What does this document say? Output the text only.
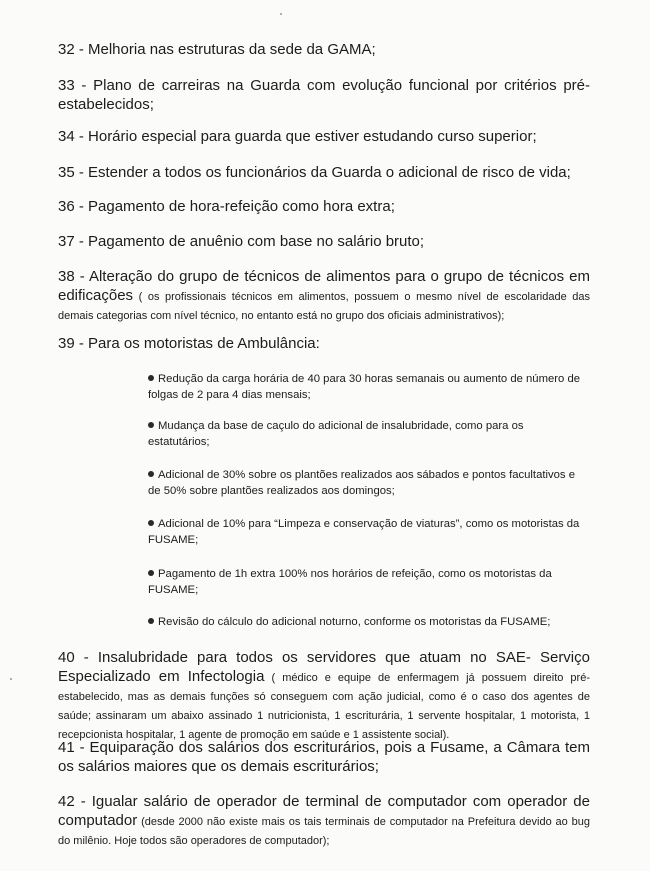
32 - Melhoria nas estruturas da sede da GAMA;

33 - Plano de carreiras na Guarda com evolução funcional por critérios pré-estabelecidos;

34 - Horário especial para guarda que estiver estudando curso superior;

35 - Estender a todos os funcionários da Guarda o adicional de risco de vida;

36 - Pagamento de hora-refeição como hora extra;

37 - Pagamento de anuênio com base no salário bruto;

38 - Alteração do grupo de técnicos de alimentos para o grupo de técnicos em edificações ( os profissionais técnicos em alimentos, possuem o mesmo nível de escolaridade das demais categorias com nível técnico, no entanto está no grupo dos oficiais administrativos);

39 - Para os motoristas de Ambulância:

Redução da carga horária de 40 para 30 horas semanais ou aumento de número de folgas de 2 para 4 dias mensais;

Mudança da base de caçulo do adicional de insalubridade, como para os estatutários;

Adicional de 30% sobre os plantões realizados aos sábados e pontos facultativos e de 50% sobre plantões realizados aos domingos;

Adicional de 10% para “Limpeza e conservação de viaturas”, como os motoristas da FUSAME;

Pagamento de 1h extra 100% nos horários de refeição, como os motoristas da FUSAME;

Revisão do cálculo do adicional noturno, conforme os motoristas da FUSAME;

40 - Insalubridade para todos os servidores que atuam no SAE- Serviço Especializado em Infectologia ( médico e equipe de enfermagem já possuem direito pré-estabelecido, mas as demais funções só conseguem com ação judicial, como é o caso dos agentes de saúde; assinaram um abaixo assinado 1 nutricionista, 1 escriturária, 1 servente hospitalar, 1 motorista, 1 recepcionista hospitalar, 1 agente de promoção em saúde e 1 assistente social).

41 - Equiparação dos salários dos escriturários, pois a Fusame, a Câmara tem os salários maiores que os demais escriturários;

42 - Igualar salário de operador de terminal de computador com operador de computador (desde 2000 não existe mais os tais terminais de computador na Prefeitura devido ao bug do milênio. Hoje todos são operadores de computador);
